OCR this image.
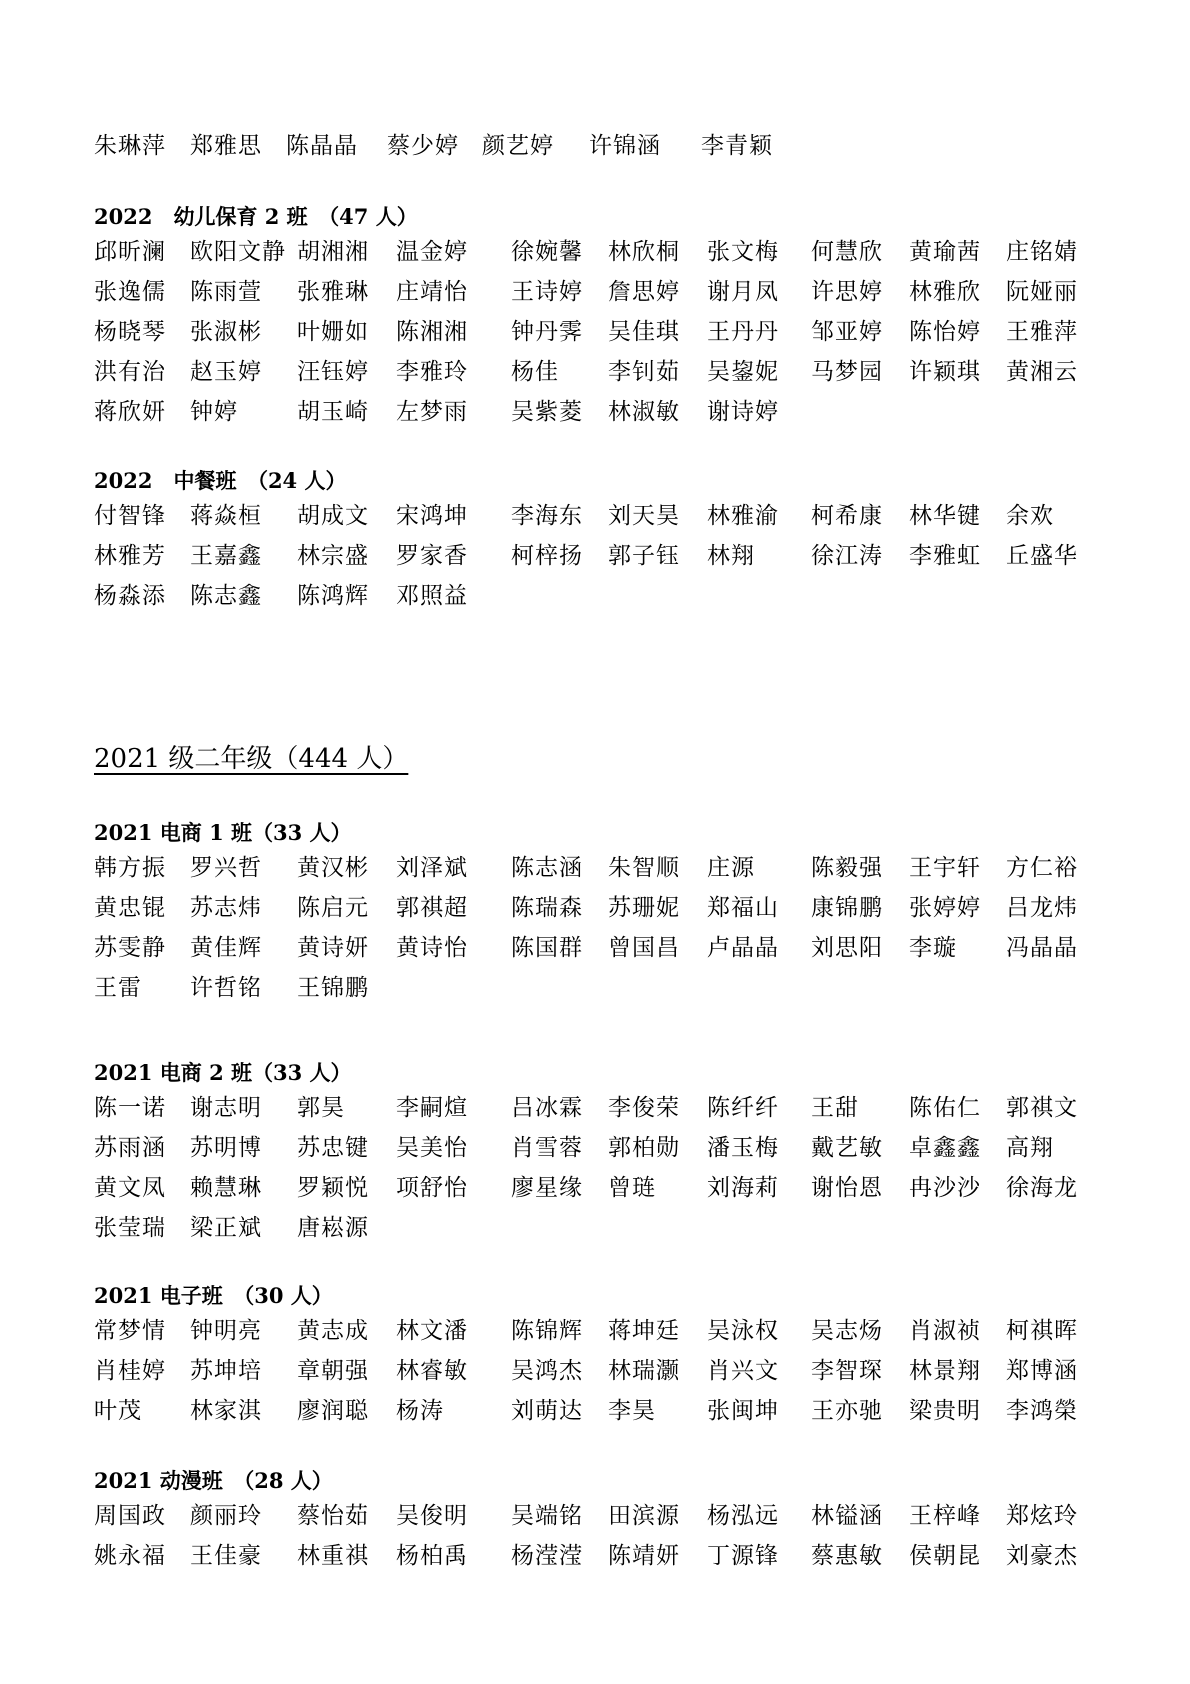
朱琳萍 郑雅思 陈晶晶 蔡少婷 颜艺婷 许锦涵 李青颖
2022　幼儿保育 2 班　（47 人）
邱昕澜 欧阳文静 胡湘湘 温金婷 徐婉馨 林欣桐 张文梅 何慧欣 黄瑜茜 庄铭婧
张逸儒 陈雨萱 张雅琳 庄靖怡 王诗婷 詹思婷 谢月凤 许思婷 林雅欣 阮娅丽
杨晓琴 张淑彬 叶姗如 陈湘湘 钟丹霁 吴佳琪 王丹丹 邹亚婷 陈怡婷 王雅萍
洪有治 赵玉婷 汪钰婷 李雅玲 杨佳 李钊茹 吴鋆妮 马梦园 许颖琪 黄湘云
蒋欣妍 钟婷	胡玉崎 左梦雨 吴紫菱 林淑敏 谢诗婷
2022　中餐班　（24 人）
付智锋 蒋焱桓 胡成文 宋鸿坤 李海东 刘天昊 林雅渝 柯希康 林华键 余欢
林雅芳 王嘉鑫 林宗盛 罗家香 柯梓扬 郭子钰 林翔 徐江涛 李雅虹 丘盛华
杨淼添 陈志鑫 陈鸿辉 邓照益
2021 级二年级（444 人）
2021 电商 1 班（33 人）
韩方振 罗兴哲 黄汉彬 刘泽斌 陈志涵 朱智顺 庄源 陈毅强 王宇轩 方仁裕
黄忠锟 苏志炜 陈启元 郭祺超 陈瑞森 苏珊妮 郑福山 康锦鹏 张婷婷 吕龙炜
苏雯静 黄佳辉 黄诗妍 黄诗怡 陈国群 曾国昌 卢晶晶 刘思阳 李璇 冯晶晶
王雷 许哲铭 王锦鹏
2021 电商 2 班（33 人）
陈一诺 谢志明 郭昊 李嗣煊 吕冰霖 李俊荣 陈纤纤 王甜 陈佑仁 郭祺文
苏雨涵 苏明博 苏忠键 吴美怡 肖雪蓉 郭柏勋 潘玉梅 戴艺敏 卓鑫鑫 高翔
黄文凤 赖慧琳 罗颖悦 项舒怡 廖星缘 曾琏 刘海莉 谢怡恩 冉沙沙 徐海龙
张莹瑞 梁正斌 唐崧源
2021 电子班　（30 人）
常梦情 钟明亮 黄志成 林文潘 陈锦辉 蒋坤廷 吴泳权 吴志炀 肖淑祯 柯祺晖
肖桂婷 苏坤培 章朝强 林睿敏 吴鸿杰 林瑞灏 肖兴文 李智琛 林景翔 郑博涵
叶茂 林家淇 廖润聪 杨涛	刘萌达 李昊 张闽坤 王亦驰 梁贵明 李鸿榮
2021 动漫班　（28 人）
周国政 颜丽玲 蔡怡茹 吴俊明 吴端铭 田滨源 杨泓远 林镒涵 王梓峰 郑炫玲
姚永福 王佳豪 林重祺 杨柏禹 杨滢滢 陈靖妍 丁源锋 蔡惠敏 侯朝昆 刘豪杰
